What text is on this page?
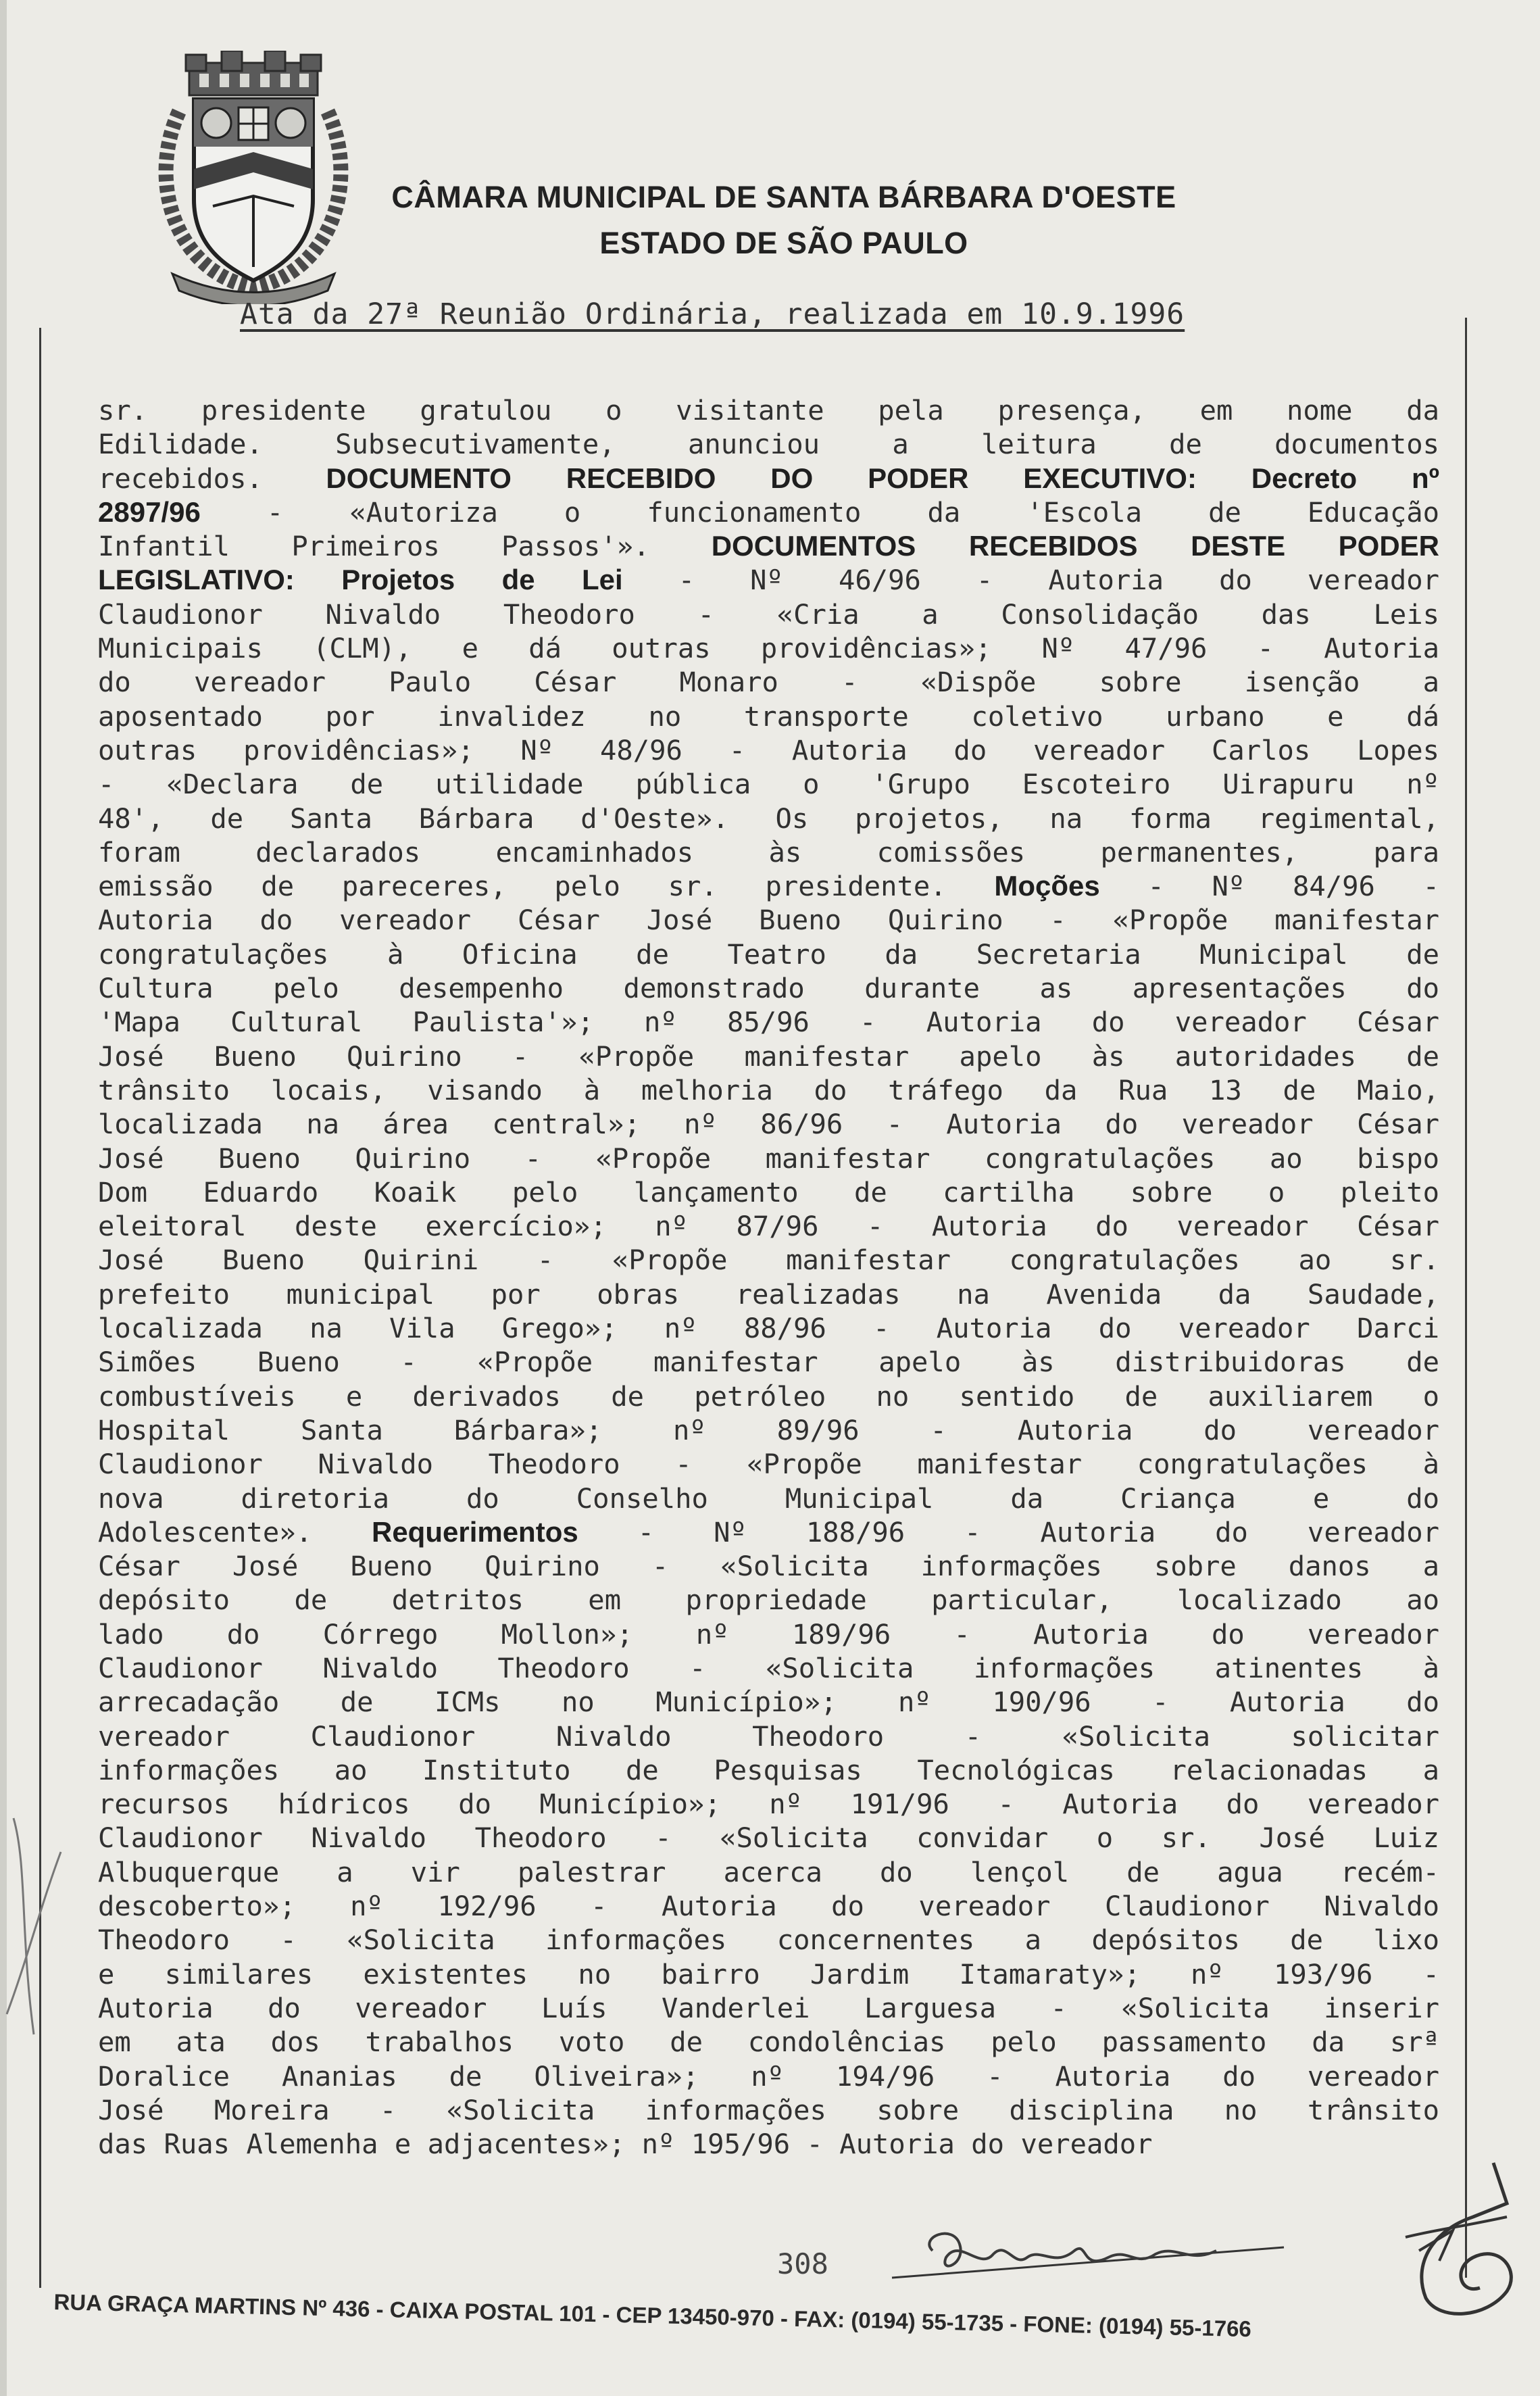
CÂMARA MUNICIPAL DE SANTA BÁRBARA D'OESTE
ESTADO DE SÃO PAULO
Ata da 27ª Reunião Ordinária, realizada em 10.9.1996
sr. presidente gratulou o visitante pela presença, em nome da
Edilidade. Subsecutivamente, anunciou a leitura de documentos
recebidos. DOCUMENTO RECEBIDO DO PODER EXECUTIVO: Decreto nº
2897/96 - «Autoriza o funcionamento da 'Escola de Educação
Infantil Primeiros Passos'». DOCUMENTOS RECEBIDOS DESTE PODER
LEGISLATIVO: Projetos de Lei - Nº 46/96 - Autoria do vereador
Claudionor Nivaldo Theodoro - «Cria a Consolidação das Leis
Municipais (CLM), e dá outras providências»; Nº 47/96 - Autoria
do vereador Paulo César Monaro - «Dispõe sobre isenção a
aposentado por invalidez no transporte coletivo urbano e dá
outras providências»; Nº 48/96 - Autoria do vereador Carlos Lopes
- «Declara de utilidade pública o 'Grupo Escoteiro Uirapuru nº
48', de Santa Bárbara d'Oeste». Os projetos, na forma regimental,
foram declarados encaminhados às comissões permanentes, para
emissão de pareceres, pelo sr. presidente. Moções - Nº 84/96 -
Autoria do vereador César José Bueno Quirino - «Propõe manifestar
congratulações à Oficina de Teatro da Secretaria Municipal de
Cultura pelo desempenho demonstrado durante as apresentações do
'Mapa Cultural Paulista'»; nº 85/96 - Autoria do vereador César
José Bueno Quirino - «Propõe manifestar apelo às autoridades de
trânsito locais, visando à melhoria do tráfego da Rua 13 de Maio,
localizada na área central»; nº 86/96 - Autoria do vereador César
José Bueno Quirino - «Propõe manifestar congratulações ao bispo
Dom Eduardo Koaik pelo lançamento de cartilha sobre o pleito
eleitoral deste exercício»; nº 87/96 - Autoria do vereador César
José Bueno Quirini - «Propõe manifestar congratulações ao sr.
prefeito municipal por obras realizadas na Avenida da Saudade,
localizada na Vila Grego»; nº 88/96 - Autoria do vereador Darci
Simões Bueno - «Propõe manifestar apelo às distribuidoras de
combustíveis e derivados de petróleo no sentido de auxiliarem o
Hospital Santa Bárbara»; nº 89/96 - Autoria do vereador
Claudionor Nivaldo Theodoro - «Propõe manifestar congratulações à
nova diretoria do Conselho Municipal da Criança e do
Adolescente». Requerimentos - Nº 188/96 - Autoria do vereador
César José Bueno Quirino - «Solicita informações sobre danos a
depósito de detritos em propriedade particular, localizado ao
lado do Córrego Mollon»; nº 189/96 - Autoria do vereador
Claudionor Nivaldo Theodoro - «Solicita informações atinentes à
arrecadação de ICMs no Município»; nº 190/96 - Autoria do
vereador Claudionor Nivaldo Theodoro - «Solicita solicitar
informações ao Instituto de Pesquisas Tecnológicas relacionadas a
recursos hídricos do Município»; nº 191/96 - Autoria do vereador
Claudionor Nivaldo Theodoro - «Solicita convidar o sr. José Luiz
Albuquerque a vir palestrar acerca do lençol de agua recém-
descoberto»; nº 192/96 - Autoria do vereador Claudionor Nivaldo
Theodoro - «Solicita informações concernentes a depósitos de lixo
e similares existentes no bairro Jardim Itamaraty»; nº 193/96 -
Autoria do vereador Luís Vanderlei Larguesa - «Solicita inserir
em ata dos trabalhos voto de condolências pelo passamento da srª
Doralice Ananias de Oliveira»; nº 194/96 - Autoria do vereador
José Moreira - «Solicita informações sobre disciplina no trânsito
das Ruas Alemenha e adjacentes»; nº 195/96 - Autoria do vereador
308
RUA GRAÇA MARTINS Nº 436 - CAIXA POSTAL 101 - CEP 13450-970 - FAX: (0194) 55-1735 - FONE: (0194) 55-1766
